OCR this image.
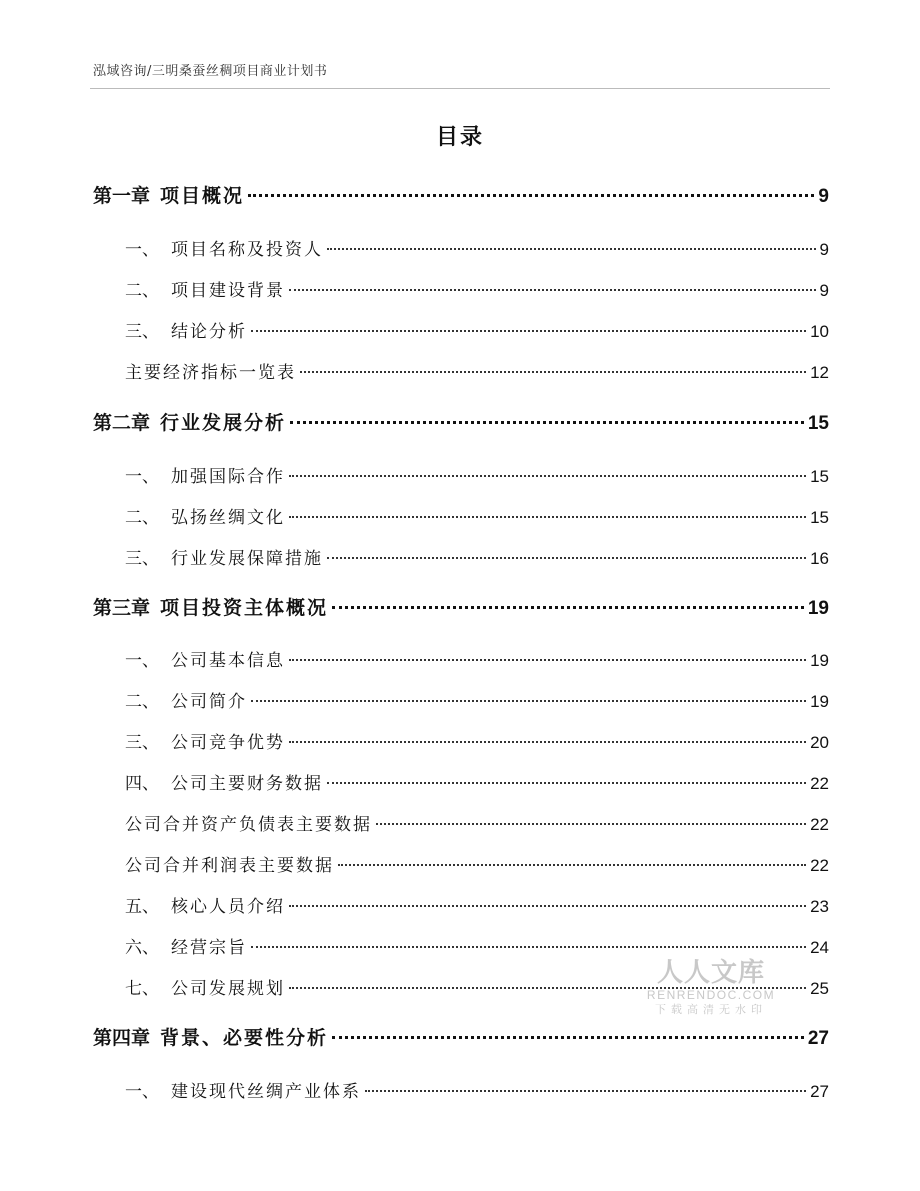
泓域咨询/三明桑蚕丝稠项目商业计划书
目录
第一章 项目概况	9
一、 项目名称及投资人	9
二、 项目建设背景	9
三、 结论分析	10
主要经济指标一览表	12
第二章 行业发展分析	15
一、 加强国际合作	15
二、 弘扬丝绸文化	15
三、 行业发展保障措施	16
第三章 项目投资主体概况	19
一、 公司基本信息	19
二、 公司简介	19
三、 公司竞争优势	20
四、 公司主要财务数据	22
公司合并资产负债表主要数据	22
公司合并利润表主要数据	22
五、 核心人员介绍	23
六、 经营宗旨	24
七、 公司发展规划	25
第四章 背景、必要性分析	27
一、 建设现代丝绸产业体系	27
人人文库
RENRENDOC.COM
下载高清无水印
